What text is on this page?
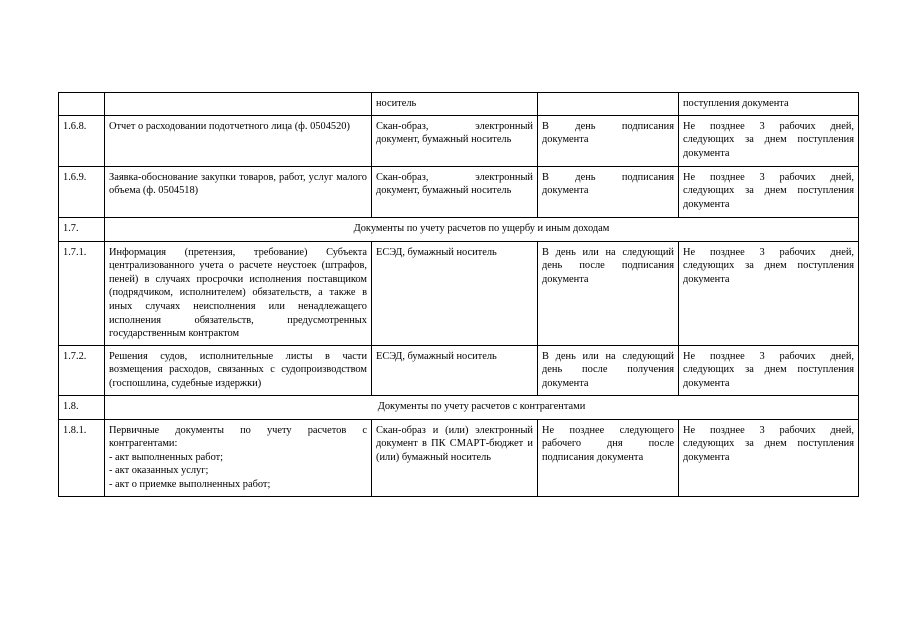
		носитель		поступления документа
1.6.8.	Отчет о расходовании подотчетного лица (ф. 0504520)	Скан-образ, электронный документ, бумажный носитель	В день подписания документа	Не позднее 3 рабочих дней, следующих за днем поступления документа
1.6.9.	Заявка-обоснование закупки товаров, работ, услуг малого объема (ф. 0504518)	Скан-образ, электронный документ, бумажный носитель	В день подписания документа	Не позднее 3 рабочих дней, следующих за днем поступления документа
1.7.	Документы по учету расчетов по ущербу и иным доходам			
1.7.1.	Информация (претензия, требование) Субъекта централизованного учета о расчете неустоек (штрафов, пеней) в случаях просрочки исполнения поставщиком (подрядчиком, исполнителем) обязательств, а также в иных случаях неисполнения или ненадлежащего исполнения обязательств, предусмотренных государственным контрактом	ЕСЭД, бумажный носитель	В день или на следующий день после подписания документа	Не позднее 3 рабочих дней, следующих за днем поступления документа
1.7.2.	Решения судов, исполнительные листы в части возмещения расходов, связанных с судопроизводством (госпошлина, судебные издержки)	ЕСЭД, бумажный носитель	В день или на следующий день после получения документа	Не позднее 3 рабочих дней, следующих за днем поступления документа
1.8.	Документы по учету расчетов с контрагентами			
1.8.1.	Первичные документы по учету расчетов с контрагентами:
- акт выполненных работ;
- акт оказанных услуг;
- акт о приемке выполненных работ;	Скан-образ и (или) электронный документ в ПК СМАРТ-бюджет и (или) бумажный носитель	Не позднее следующего рабочего дня после подписания документа	Не позднее 3 рабочих дней, следующих за днем поступления документа
